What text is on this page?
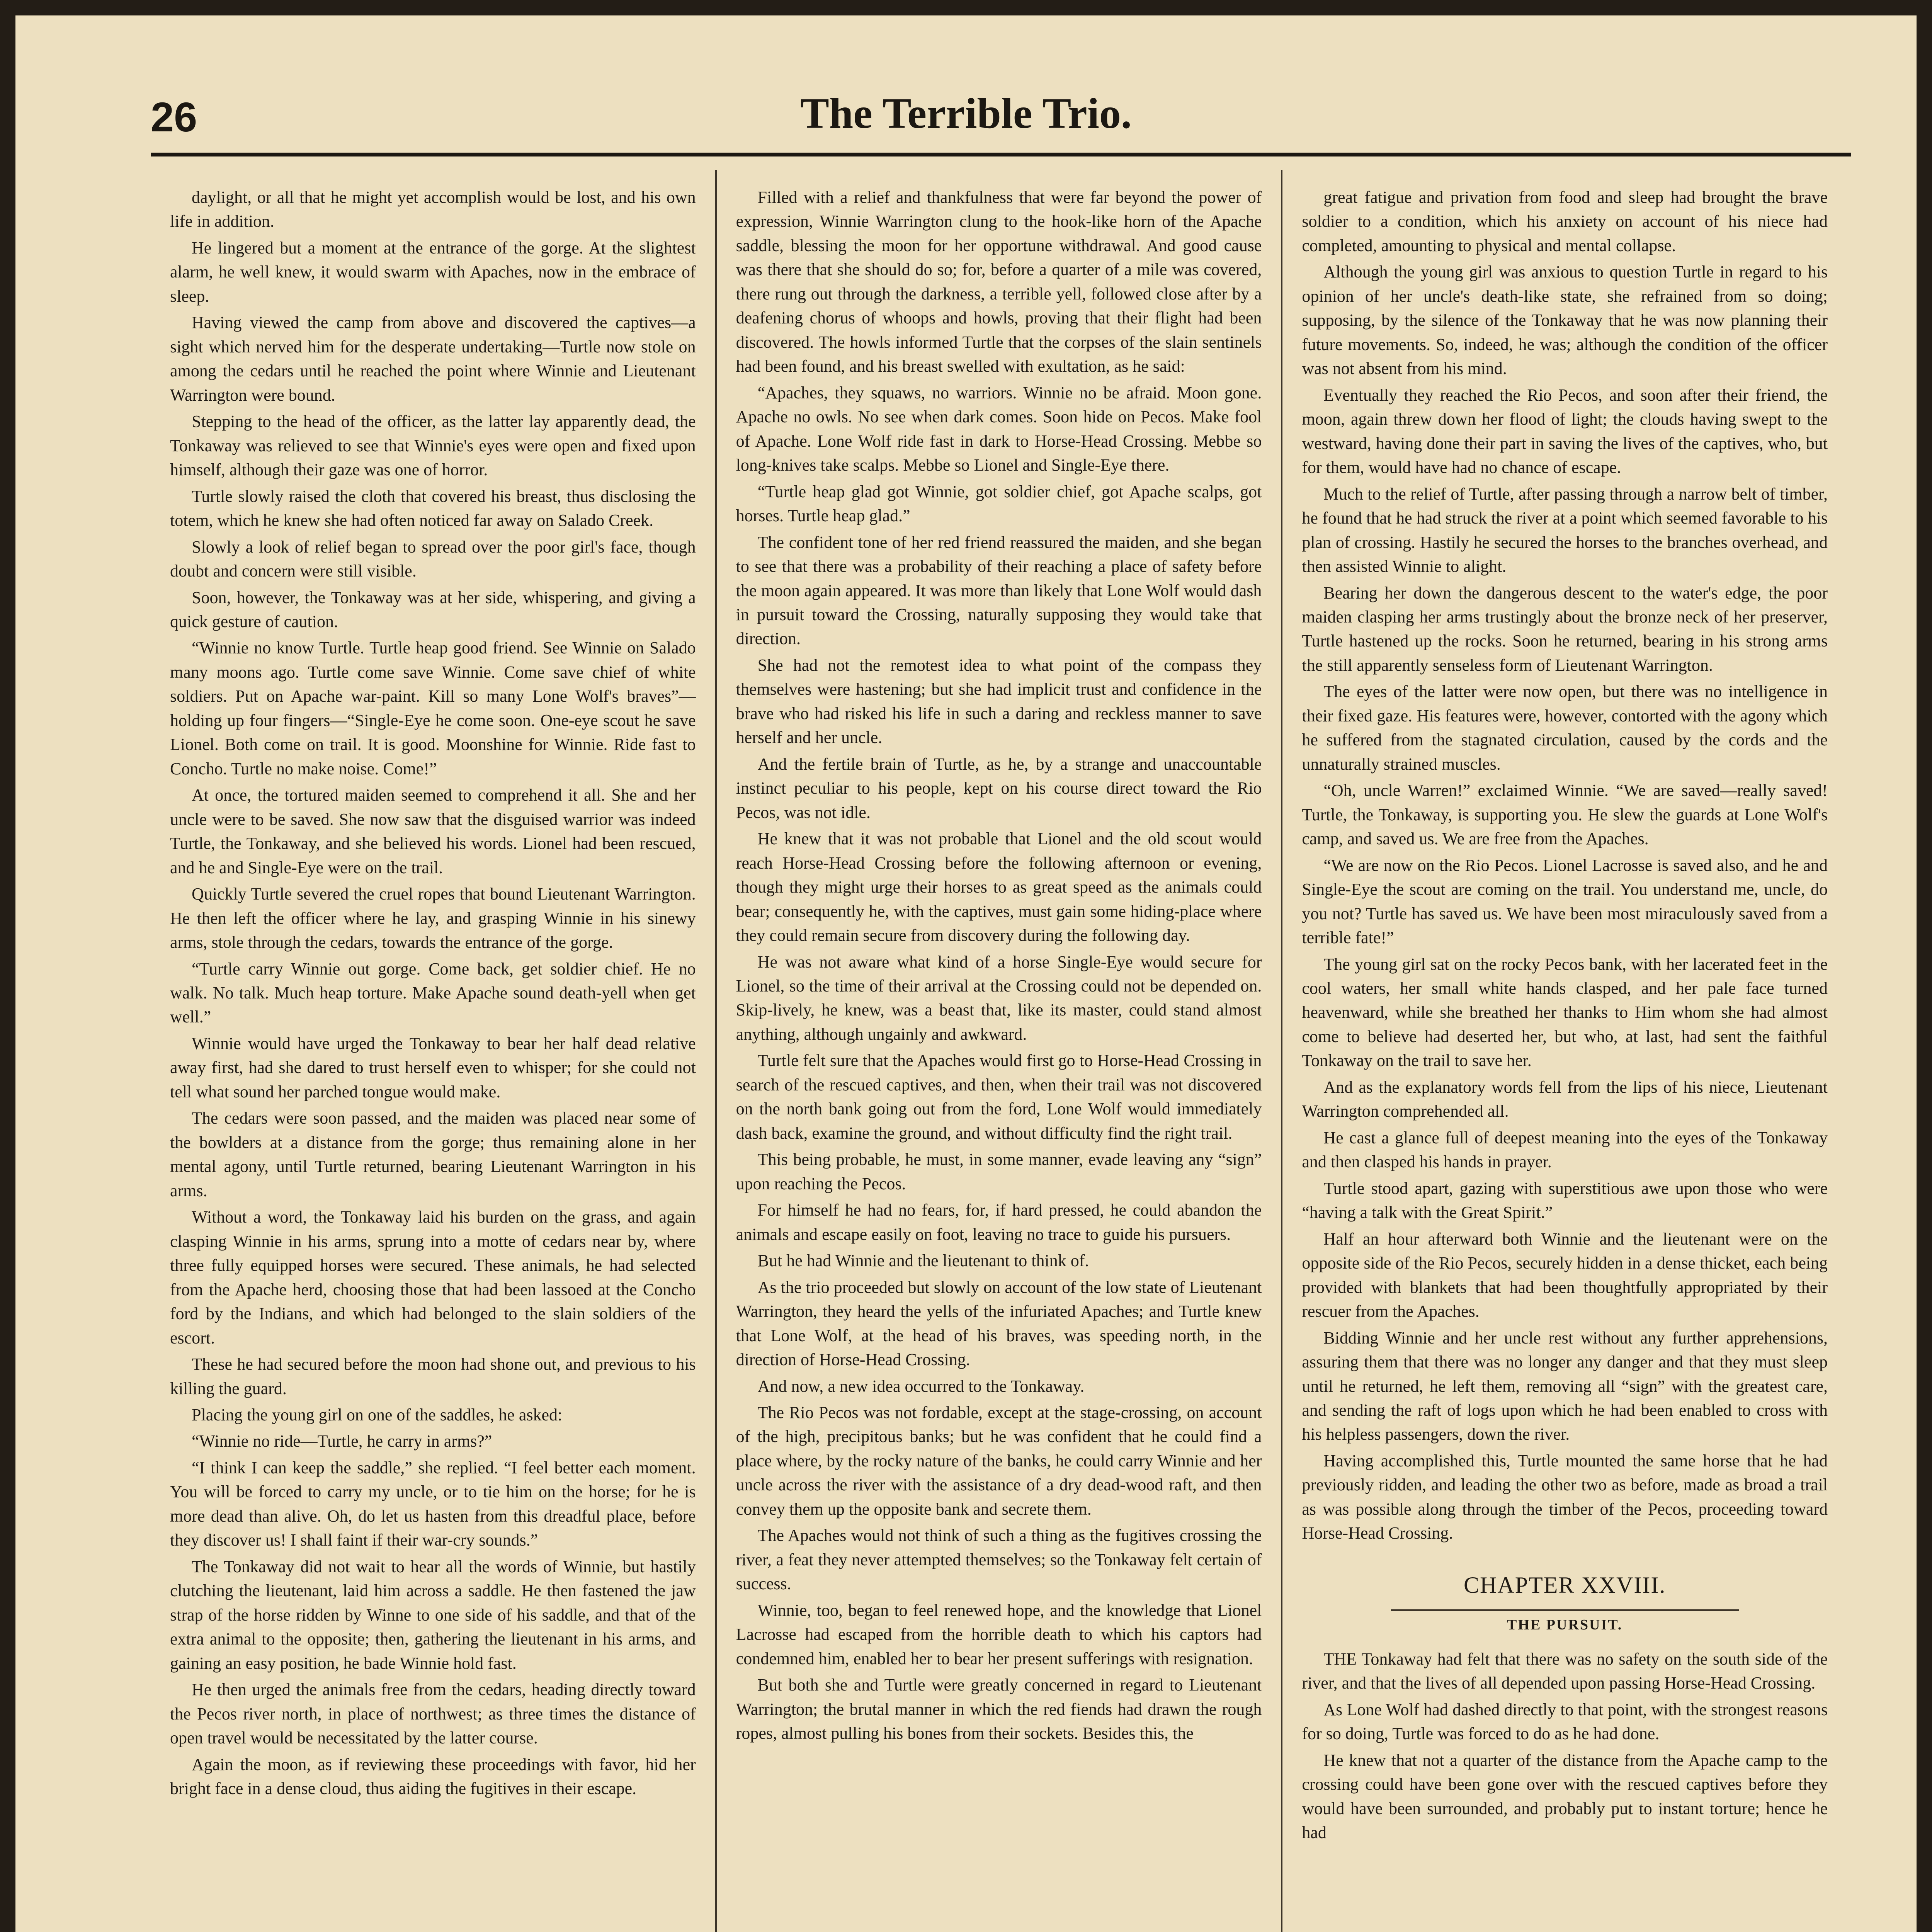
26	The Terrible Trio.

daylight, or all that he might yet accomplish would be lost, and his own life in addition.

He lingered but a moment at the entrance of the gorge. At the slightest alarm, he well knew, it would swarm with Apaches, now in the embrace of sleep.

Having viewed the camp from above and discovered the captives—a sight which nerved him for the desperate undertaking—Turtle now stole on among the cedars until he reached the point where Winnie and Lieutenant Warrington were bound.

Stepping to the head of the officer, as the latter lay apparently dead, the Tonkaway was relieved to see that Winnie's eyes were open and fixed upon himself, although their gaze was one of horror.

Turtle slowly raised the cloth that covered his breast, thus disclosing the totem, which he knew she had often noticed far away on Salado Creek.

Slowly a look of relief began to spread over the poor girl's face, though doubt and concern were still visible.

Soon, however, the Tonkaway was at her side, whispering, and giving a quick gesture of caution.

“Winnie no know Turtle. Turtle heap good friend. See Winnie on Salado many moons ago. Turtle come save Winnie. Come save chief of white soldiers. Put on Apache war-paint. Kill so many Lone Wolf's braves”—holding up four fingers—“Single-Eye he come soon. One-eye scout he save Lionel. Both come on trail. It is good. Moonshine for Winnie. Ride fast to Concho. Turtle no make noise. Come!”

At once, the tortured maiden seemed to comprehend it all. She and her uncle were to be saved. She now saw that the disguised warrior was indeed Turtle, the Tonkaway, and she believed his words. Lionel had been rescued, and he and Single-Eye were on the trail.

Quickly Turtle severed the cruel ropes that bound Lieutenant Warrington. He then left the officer where he lay, and grasping Winnie in his sinewy arms, stole through the cedars, towards the entrance of the gorge.

“Turtle carry Winnie out gorge. Come back, get soldier chief. He no walk. No talk. Much heap torture. Make Apache sound death-yell when get well.”

Winnie would have urged the Tonkaway to bear her half dead relative away first, had she dared to trust herself even to whisper; for she could not tell what sound her parched tongue would make.

The cedars were soon passed, and the maiden was placed near some of the bowlders at a distance from the gorge; thus remaining alone in her mental agony, until Turtle returned, bearing Lieutenant Warrington in his arms.

Without a word, the Tonkaway laid his burden on the grass, and again clasping Winnie in his arms, sprung into a motte of cedars near by, where three fully equipped horses were secured. These animals, he had selected from the Apache herd, choosing those that had been lassoed at the Concho ford by the Indians, and which had belonged to the slain soldiers of the escort.

These he had secured before the moon had shone out, and previous to his killing the guard.

Placing the young girl on one of the saddles, he asked:

“Winnie no ride—Turtle, he carry in arms?”

“I think I can keep the saddle,” she replied. “I feel better each moment. You will be forced to carry my uncle, or to tie him on the horse; for he is more dead than alive. Oh, do let us hasten from this dreadful place, before they discover us! I shall faint if their war-cry sounds.”

The Tonkaway did not wait to hear all the words of Winnie, but hastily clutching the lieutenant, laid him across a saddle. He then fastened the jaw strap of the horse ridden by Winne to one side of his saddle, and that of the extra animal to the opposite; then, gathering the lieutenant in his arms, and gaining an easy position, he bade Winnie hold fast.

He then urged the animals free from the cedars, heading directly toward the Pecos river north, in place of northwest; as three times the distance of open travel would be necessitated by the latter course.

Again the moon, as if reviewing these proceedings with favor, hid her bright face in a dense cloud, thus aiding the fugitives in their escape.

Filled with a relief and thankfulness that were far beyond the power of expression, Winnie Warrington clung to the hook-like horn of the Apache saddle, blessing the moon for her opportune withdrawal. And good cause was there that she should do so; for, before a quarter of a mile was covered, there rung out through the darkness, a terrible yell, followed close after by a deafening chorus of whoops and howls, proving that their flight had been discovered. The howls informed Turtle that the corpses of the slain sentinels had been found, and his breast swelled with exultation, as he said:

“Apaches, they squaws, no warriors. Winnie no be afraid. Moon gone. Apache no owls. No see when dark comes. Soon hide on Pecos. Make fool of Apache. Lone Wolf ride fast in dark to Horse-Head Crossing. Mebbe so long-knives take scalps. Mebbe so Lionel and Single-Eye there.

“Turtle heap glad got Winnie, got soldier chief, got Apache scalps, got horses. Turtle heap glad.”

The confident tone of her red friend reassured the maiden, and she began to see that there was a probability of their reaching a place of safety before the moon again appeared. It was more than likely that Lone Wolf would dash in pursuit toward the Crossing, naturally supposing they would take that direction.

She had not the remotest idea to what point of the compass they themselves were hastening; but she had implicit trust and confidence in the brave who had risked his life in such a daring and reckless manner to save herself and her uncle.

And the fertile brain of Turtle, as he, by a strange and unaccountable instinct peculiar to his people, kept on his course direct toward the Rio Pecos, was not idle.

He knew that it was not probable that Lionel and the old scout would reach Horse-Head Crossing before the following afternoon or evening, though they might urge their horses to as great speed as the animals could bear; consequently he, with the captives, must gain some hiding-place where they could remain secure from discovery during the following day.

He was not aware what kind of a horse Single-Eye would secure for Lionel, so the time of their arrival at the Crossing could not be depended on. Skip-lively, he knew, was a beast that, like its master, could stand almost anything, although ungainly and awkward.

Turtle felt sure that the Apaches would first go to Horse-Head Crossing in search of the rescued captives, and then, when their trail was not discovered on the north bank going out from the ford, Lone Wolf would immediately dash back, examine the ground, and without difficulty find the right trail.

This being probable, he must, in some manner, evade leaving any “sign” upon reaching the Pecos.

For himself he had no fears, for, if hard pressed, he could abandon the animals and escape easily on foot, leaving no trace to guide his pursuers.

But he had Winnie and the lieutenant to think of.

As the trio proceeded but slowly on account of the low state of Lieutenant Warrington, they heard the yells of the infuriated Apaches; and Turtle knew that Lone Wolf, at the head of his braves, was speeding north, in the direction of Horse-Head Crossing.

And now, a new idea occurred to the Tonkaway.

The Rio Pecos was not fordable, except at the stage-crossing, on account of the high, precipitous banks; but he was confident that he could find a place where, by the rocky nature of the banks, he could carry Winnie and her uncle across the river with the assistance of a dry dead-wood raft, and then convey them up the opposite bank and secrete them.

The Apaches would not think of such a thing as the fugitives crossing the river, a feat they never attempted themselves; so the Tonkaway felt certain of success.

Winnie, too, began to feel renewed hope, and the knowledge that Lionel Lacrosse had escaped from the horrible death to which his captors had condemned him, enabled her to bear her present sufferings with resignation.

But both she and Turtle were greatly concerned in regard to Lieutenant Warrington; the brutal manner in which the red fiends had drawn the rough ropes, almost pulling his bones from their sockets. Besides this, the

great fatigue and privation from food and sleep had brought the brave soldier to a condition, which his anxiety on account of his niece had completed, amounting to physical and mental collapse.

Although the young girl was anxious to question Turtle in regard to his opinion of her uncle's death-like state, she refrained from so doing; supposing, by the silence of the Tonkaway that he was now planning their future movements. So, indeed, he was; although the condition of the officer was not absent from his mind.

Eventually they reached the Rio Pecos, and soon after their friend, the moon, again threw down her flood of light; the clouds having swept to the westward, having done their part in saving the lives of the captives, who, but for them, would have had no chance of escape.

Much to the relief of Turtle, after passing through a narrow belt of timber, he found that he had struck the river at a point which seemed favorable to his plan of crossing. Hastily he secured the horses to the branches overhead, and then assisted Winnie to alight.

Bearing her down the dangerous descent to the water's edge, the poor maiden clasping her arms trustingly about the bronze neck of her preserver, Turtle hastened up the rocks. Soon he returned, bearing in his strong arms the still apparently senseless form of Lieutenant Warrington.

The eyes of the latter were now open, but there was no intelligence in their fixed gaze. His features were, however, contorted with the agony which he suffered from the stagnated circulation, caused by the cords and the unnaturally strained muscles.

“Oh, uncle Warren!” exclaimed Winnie. “We are saved—really saved! Turtle, the Tonkaway, is supporting you. He slew the guards at Lone Wolf's camp, and saved us. We are free from the Apaches.

“We are now on the Rio Pecos. Lionel Lacrosse is saved also, and he and Single-Eye the scout are coming on the trail. You understand me, uncle, do you not? Turtle has saved us. We have been most miraculously saved from a terrible fate!”

The young girl sat on the rocky Pecos bank, with her lacerated feet in the cool waters, her small white hands clasped, and her pale face turned heavenward, while she breathed her thanks to Him whom she had almost come to believe had deserted her, but who, at last, had sent the faithful Tonkaway on the trail to save her.

And as the explanatory words fell from the lips of his niece, Lieutenant Warrington comprehended all.

He cast a glance full of deepest meaning into the eyes of the Tonkaway and then clasped his hands in prayer.

Turtle stood apart, gazing with superstitious awe upon those who were “having a talk with the Great Spirit.”

Half an hour afterward both Winnie and the lieutenant were on the opposite side of the Rio Pecos, securely hidden in a dense thicket, each being provided with blankets that had been thoughtfully appropriated by their rescuer from the Apaches.

Bidding Winnie and her uncle rest without any further apprehensions, assuring them that there was no longer any danger and that they must sleep until he returned, he left them, removing all “sign” with the greatest care, and sending the raft of logs upon which he had been enabled to cross with his helpless passengers, down the river.

Having accomplished this, Turtle mounted the same horse that he had previously ridden, and leading the other two as before, made as broad a trail as was possible along through the timber of the Pecos, proceeding toward Horse-Head Crossing.

CHAPTER XXVIII.
THE PURSUIT.

THE Tonkaway had felt that there was no safety on the south side of the river, and that the lives of all depended upon passing Horse-Head Crossing.

As Lone Wolf had dashed directly to that point, with the strongest reasons for so doing, Turtle was forced to do as he had done.

He knew that not a quarter of the distance from the Apache camp to the crossing could have been gone over with the rescued captives before they would have been surrounded, and probably put to instant torture; hence he had
